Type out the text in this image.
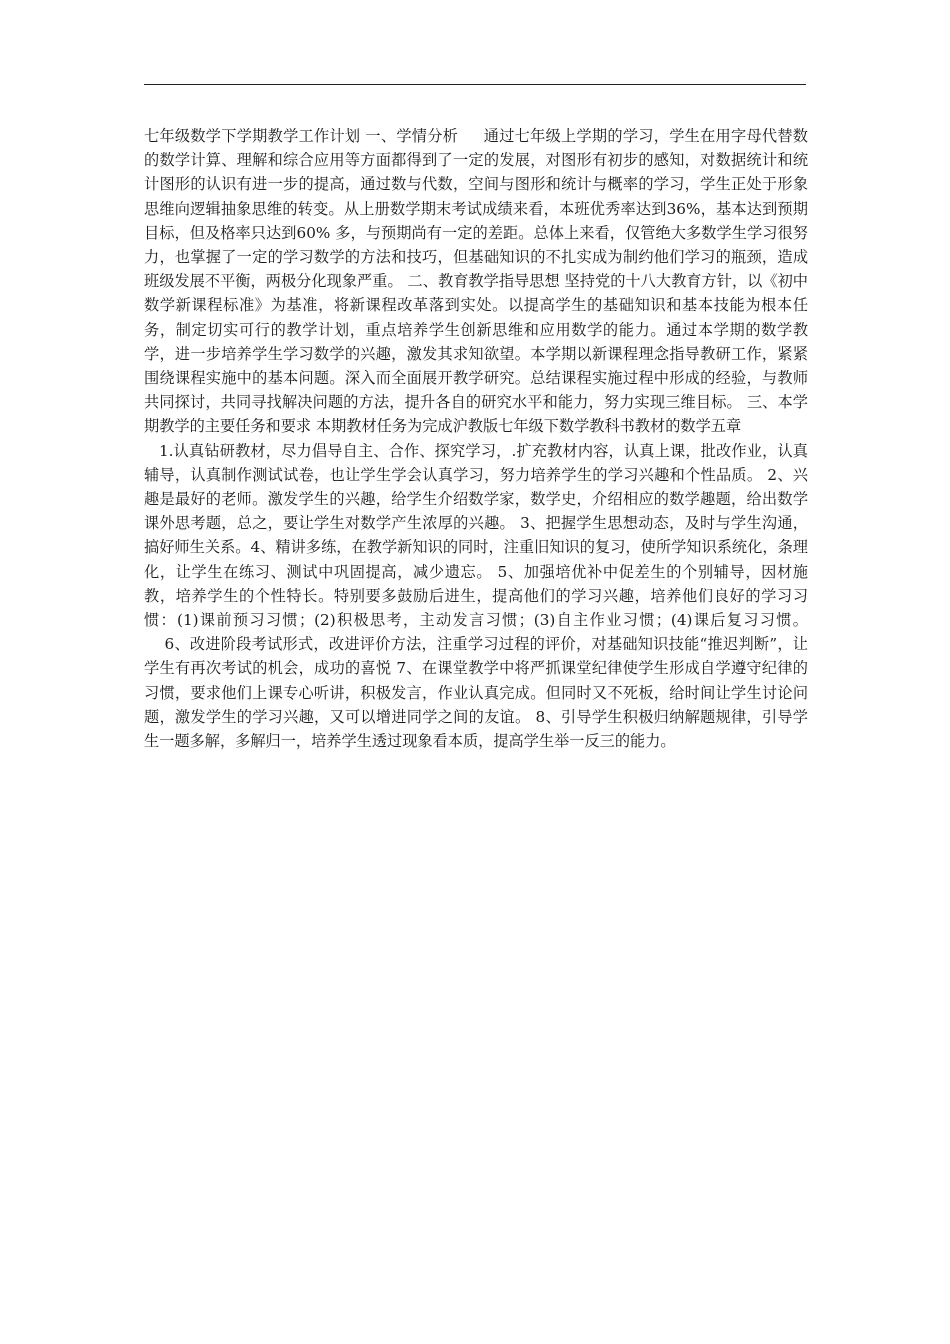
七年级数学下学期教学工作计划 一、学情分析 　 通过七年级上学期的学习，学生在用字母代替数的数学计算、理解和综合应用等方面都得到了一定的发展，对图形有初步的感知，对数据统计和统计图形的认识有进一步的提高，通过数与代数，空间与图形和统计与概率的学习，学生正处于形象思维向逻辑抽象思维的转变。从上册数学期末考试成绩来看，本班优秀率达到36%，基本达到预期目标，但及格率只达到60% 多，与预期尚有一定的差距。总体上来看，仅管绝大多数学生学习很努力，也掌握了一定的学习数学的方法和技巧，但基础知识的不扎实成为制约他们学习的瓶颈，造成班级发展不平衡，两极分化现象严重。 二、教育教学指导思想 坚持党的十八大教育方针，以《初中数学新课程标准》为基准，将新课程改革落到实处。以提高学生的基础知识和基本技能为根本任务，制定切实可行的教学计划，重点培养学生创新思维和应用数学的能力。通过本学期的数学教学，进一步培养学生学习数学的兴趣，激发其求知欲望。本学期以新课程理念指导教研工作，紧紧围绕课程实施中的基本问题。深入而全面展开教学研究。总结课程实施过程中形成的经验，与教师共同探讨，共同寻找解决问题的方法，提升各自的研究水平和能力，努力实现三维目标。 三、本学期教学的主要任务和要求 本期教材任务为完成沪教版七年级下数学教科书教材的数学五章

1.认真钻研教材，尽力倡导自主、合作、探究学习，.扩充教材内容，认真上课，批改作业，认真辅导，认真制作测试试卷，也让学生学会认真学习，努力培养学生的学习兴趣和个性品质。 2、兴趣是最好的老师。激发学生的兴趣，给学生介绍数学家，数学史，介绍相应的数学趣题，给出数学课外思考题，总之，要让学生对数学产生浓厚的兴趣。 3、把握学生思想动态，及时与学生沟通，搞好师生关系。4、精讲多练，在教学新知识的同时，注重旧知识的复习，使所学知识系统化，条理化，让学生在练习、测试中巩固提高，减少遗忘。 5、加强培优补中促差生的个别辅导，因材施教，培养学生的个性特长。特别要多鼓励后进生，提高他们的学习兴趣，培养他们良好的学习习惯：(1)课前预习习惯；(2)积极思考，主动发言习惯；(3)自主作业习惯；(4)课后复习习惯。 　 6、改进阶段考试形式，改进评价方法，注重学习过程的评价，对基础知识技能“推迟判断”，让学生有再次考试的机会，成功的喜悦 7、在课堂教学中将严抓课堂纪律使学生形成自学遵守纪律的习惯，要求他们上课专心听讲，积极发言，作业认真完成。但同时又不死板，给时间让学生讨论问题，激发学生的学习兴趣，又可以增进同学之间的友谊。 8、引导学生积极归纳解题规律，引导学生一题多解，多解归一，培养学生透过现象看本质，提高学生举一反三的能力。
